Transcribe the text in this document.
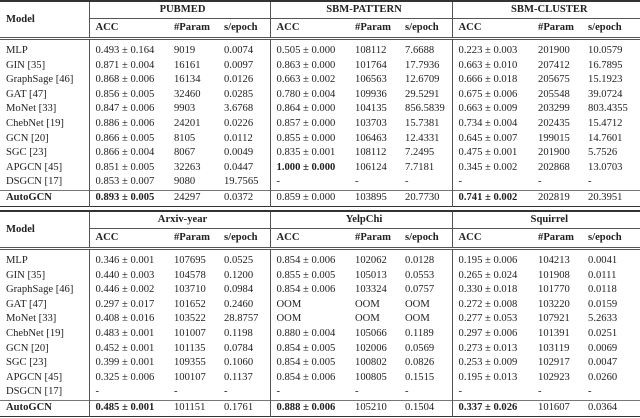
Model	PUBMED			SBM-PATTERN			SBM-CLUSTER		
	ACC	#Param	s/epoch	ACC	#Param	s/epoch	ACC	#Param	s/epoch
MLP	0.493 ± 0.164	9019	0.0074	0.505 ± 0.000	108112	7.6688	0.223 ± 0.003	201900	10.0579
GIN [35]	0.871 ± 0.004	16161	0.0097	0.863 ± 0.000	101764	17.7936	0.663 ± 0.010	207412	16.7895
GraphSage [46]	0.868 ± 0.006	16134	0.0126	0.663 ± 0.002	106563	12.6709	0.666 ± 0.018	205675	15.1923
GAT [47]	0.856 ± 0.005	32460	0.0285	0.780 ± 0.004	109936	29.5291	0.675 ± 0.006	205548	39.0724
MoNet [33]	0.847 ± 0.006	9903	3.6768	0.864 ± 0.000	104135	856.5839	0.663 ± 0.009	203299	803.4355
ChebNet [19]	0.886 ± 0.006	24201	0.0226	0.857 ± 0.000	103703	15.7381	0.734 ± 0.004	202435	15.4712
GCN [20]	0.866 ± 0.005	8105	0.0112	0.855 ± 0.000	106463	12.4331	0.645 ± 0.007	199015	14.7601
SGC [23]	0.866 ± 0.004	8067	0.0049	0.835 ± 0.001	108112	7.2495	0.475 ± 0.001	201900	5.7526
APGCN [45]	0.851 ± 0.005	32263	0.0447	1.000 ± 0.000	106124	7.7181	0.345 ± 0.002	202868	13.0703
DSGCN [17]	0.853 ± 0.007	9080	19.7565	-	-	-	-	-	-
AutoGCN	0.893 ± 0.005	24297	0.0372	0.859 ± 0.000	103895	20.7730	0.741 ± 0.002	202819	20.3951
Model	Arxiv-year			YelpChi			Squirrel		
	ACC	#Param	s/epoch	ACC	#Param	s/epoch	ACC	#Param	s/epoch
MLP	0.346 ± 0.001	107695	0.0525	0.854 ± 0.006	102062	0.0128	0.195 ± 0.006	104213	0.0041
GIN [35]	0.440 ± 0.003	104578	0.1200	0.855 ± 0.005	105013	0.0553	0.265 ± 0.024	101908	0.0111
GraphSage [46]	0.446 ± 0.002	103710	0.0984	0.854 ± 0.006	103324	0.0757	0.330 ± 0.018	101770	0.0118
GAT [47]	0.297 ± 0.017	101652	0.2460	OOM	OOM	OOM	0.272 ± 0.008	103220	0.0159
MoNet [33]	0.408 ± 0.016	103522	28.8757	OOM	OOM	OOM	0.277 ± 0.053	107921	5.2633
ChebNet [19]	0.483 ± 0.001	101007	0.1198	0.880 ± 0.004	105066	0.1189	0.297 ± 0.006	101391	0.0251
GCN [20]	0.452 ± 0.001	101135	0.0784	0.854 ± 0.005	102006	0.0569	0.273 ± 0.013	103119	0.0069
SGC [23]	0.399 ± 0.001	109355	0.1060	0.854 ± 0.005	100802	0.0826	0.253 ± 0.009	102917	0.0047
APGCN [45]	0.325 ± 0.006	100107	0.1137	0.854 ± 0.006	100805	0.1515	0.195 ± 0.013	102923	0.0260
DSGCN [17]	-	-	-	-	-	-	-	-	-
AutoGCN	0.485 ± 0.001	101151	0.1761	0.888 ± 0.006	105210	0.1504	0.337 ± 0.026	101607	0.0364
